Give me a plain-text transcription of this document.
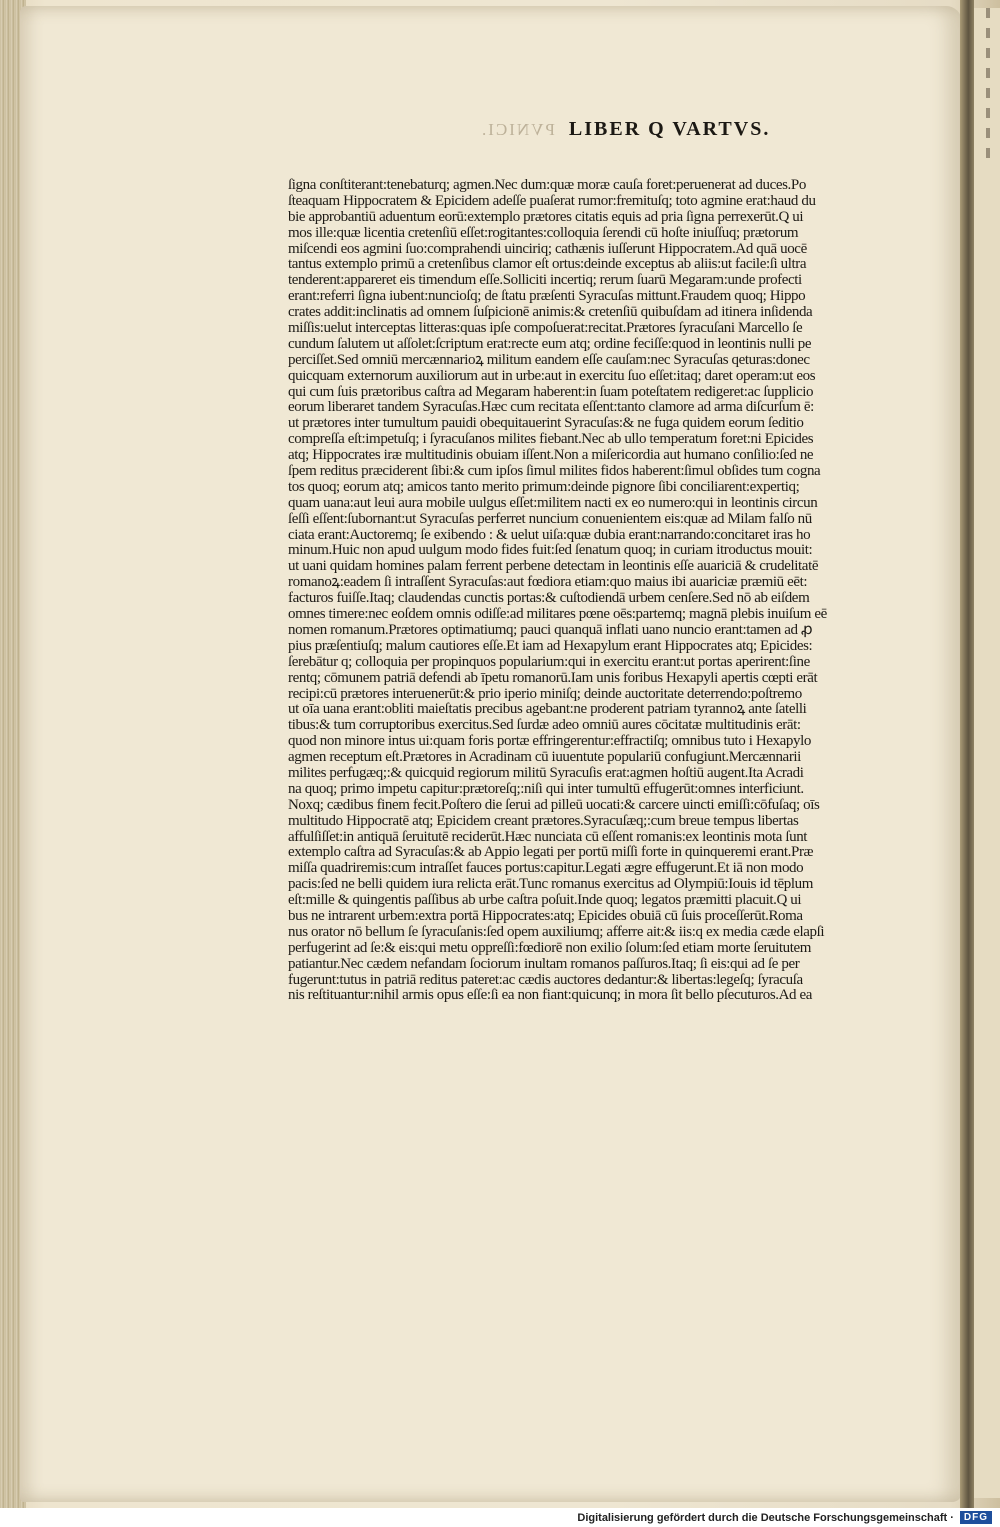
PVNICI. LIBER Q VARTVS.
ſigna conſtiterant:tenebaturq; agmen.Nec dum:quæ moræ cauſa foret:peruenerat ad duces.Po
ſteaquam Hippocratem & Epicidem adeſſe puaſerat rumor:fremituſq; toto agmine erat:haud du
bie approbantiū aduentum eorū:extemplo prætores citatis equis ad pria ſigna perrexerūt.Q ui
mos ille:quæ licentia cretenſiū eſſet:rogitantes:colloquia ſerendi cū hoſte iniuſſuq; prætorum
miſcendi eos agmini ſuo:comprahendi uinciriq; cathænis iuſſerunt Hippocratem.Ad quā uocē
tantus extemplo primū a cretenſibus clamor eſt ortus:deinde exceptus ab aliis:ut facile:ſi ultra
tenderent:appareret eis timendum eſſe.Solliciti incertiq; rerum ſuarū Megaram:unde profecti
erant:referri ſigna iubent:nuncioſq; de ſtatu præſenti Syracuſas mittunt.Fraudem quoq; Hippo
crates addit:inclinatis ad omnem ſuſpicionē animis:& cretenſiū quibuſdam ad itinera inſidenda
miſſis:uelut interceptas litteras:quas ipſe compoſuerat:recitat.Prætores ſyracuſani Marcello ſe
cundum ſalutem ut aſſolet:ſcriptum erat:recte eum atq; ordine feciſſe:quod in leontinis nulli pe
perciſſet.Sed omniū mercænnarioꝝ militum eandem eſſe cauſam:nec Syracuſas qeturas:donec
quicquam externorum auxiliorum aut in urbe:aut in exercitu ſuo eſſet:itaq; daret operam:ut eos
qui cum ſuis prætoribus caſtra ad Megaram haberent:in ſuam poteſtatem redigeret:ac ſupplicio
eorum liberaret tandem Syracuſas.Hæc cum recitata eſſent:tanto clamore ad arma diſcurſum ē:
ut prætores inter tumultum pauidi obequitauerint Syracuſas:& ne fuga quidem eorum ſeditio
compreſſa eſt:impetuſq; i ſyracuſanos milites fiebant.Nec ab ullo temperatum foret:ni Epicides
atq; Hippocrates iræ multitudinis obuiam iſſent.Non a miſericordia aut humano conſilio:ſed ne
ſpem reditus præciderent ſibi:& cum ipſos ſimul milites fidos haberent:ſimul obſides tum cogna
tos quoq; eorum atq; amicos tanto merito primum:deinde pignore ſibi conciliarent:expertiq;
quam uana:aut leui aura mobile uulgus eſſet:militem nacti ex eo numero:qui in leontinis circun
ſeſſi eſſent:ſubornant:ut Syracuſas perferret nuncium conuenientem eis:quæ ad Milam falſo nū
ciata erant:Auctoremq; ſe exibendo : & uelut uiſa:quæ dubia erant:narrando:concitaret iras ho
minum.Huic non apud uulgum modo fides fuit:ſed ſenatum quoq; in curiam itroductus mouit:
ut uani quidam homines palam ferrent perbene detectam in leontinis eſſe auariciā & crudelitatē
romanoꝝ:eadem ſi intraſſent Syracuſas:aut fœdiora etiam:quo maius ibi auariciæ præmiū eēt:
facturos fuiſſe.Itaq; claudendas cunctis portas:& cuſtodiendā urbem cenſere.Sed nō ab eiſdem
omnes timere:nec eoſdem omnis odiſſe:ad militares pœne oēs:partemq; magnā plebis inuiſum eē
nomen romanum.Prætores optimatiumq; pauci quanquā inflati uano nuncio erant:tamen ad ꝓ
pius præſentiuſq; malum cautiores eſſe.Et iam ad Hexapylum erant Hippocrates atq; Epicides:
ſerebātur q; colloquia per propinquos popularium:qui in exercitu erant:ut portas aperirent:ſine
rentq; cōmunem patriā defendi ab īpetu romanorū.Iam unis foribus Hexapyli apertis cœpti erāt
recipi:cū prætores interuenerūt:& prio iperio miniſq; deinde auctoritate deterrendo:poſtremo
ut oīa uana erant:obliti maieſtatis precibus agebant:ne proderent patriam tyrannoꝝ ante ſatelli
tibus:& tum corruptoribus exercitus.Sed ſurdæ adeo omniū aures cōcitatæ multitudinis erāt:
quod non minore intus ui:quam foris portæ effringerentur:effractiſq; omnibus tuto i Hexapylo
agmen receptum eſt.Prætores in Acradinam cū iuuentute populariū confugiunt.Mercænnarii
milites perfugæq;:& quicquid regiorum militū Syracuſis erat:agmen hoſtiū augent.Ita Acradi
na quoq; primo impetu capitur:prætoreſq;:niſi qui inter tumultū effugerūt:omnes interficiunt.
Noxq; cædibus finem fecit.Poſtero die ſerui ad pilleū uocati:& carcere uincti emiſſi:cōfuſaq; oīs
multitudo Hippocratē atq; Epicidem creant prætores.Syracuſæq;:cum breue tempus libertas
affulſiſſet:in antiquā ſeruitutē reciderūt.Hæc nunciata cū eſſent romanis:ex leontinis mota ſunt
extemplo caſtra ad Syracuſas:& ab Appio legati per portū miſſi forte in quinqueremi erant.Præ
miſſa quadriremis:cum intraſſet fauces portus:capitur.Legati ægre effugerunt.Et iā non modo
pacis:ſed ne belli quidem iura relicta erāt.Tunc romanus exercitus ad Olympiū:Iouis id tēplum
eſt:mille & quingentis paſſibus ab urbe caſtra poſuit.Inde quoq; legatos præmitti placuit.Q ui
bus ne intrarent urbem:extra portā Hippocrates:atq; Epicides obuiā cū ſuis proceſſerūt.Roma
nus orator nō bellum ſe ſyracuſanis:ſed opem auxiliumq; afferre ait:& iis:q ex media cæde elapſi
perfugerint ad ſe:& eis:qui metu oppreſſi:fœdiorē non exilio ſolum:ſed etiam morte ſeruitutem
patiantur.Nec cædem nefandam ſociorum inultam romanos paſſuros.Itaq; ſi eis:qui ad ſe per
fugerunt:tutus in patriā reditus pateret:ac cædis auctores dedantur:& libertas:legeſq; ſyracuſa
nis reſtituantur:nihil armis opus eſſe:ſi ea non fiant:quicunq; in mora ſit bello pſecuturos.Ad ea
Digitalisierung gefördert durch die Deutsche Forschungsgemeinschaft ·	DFG
